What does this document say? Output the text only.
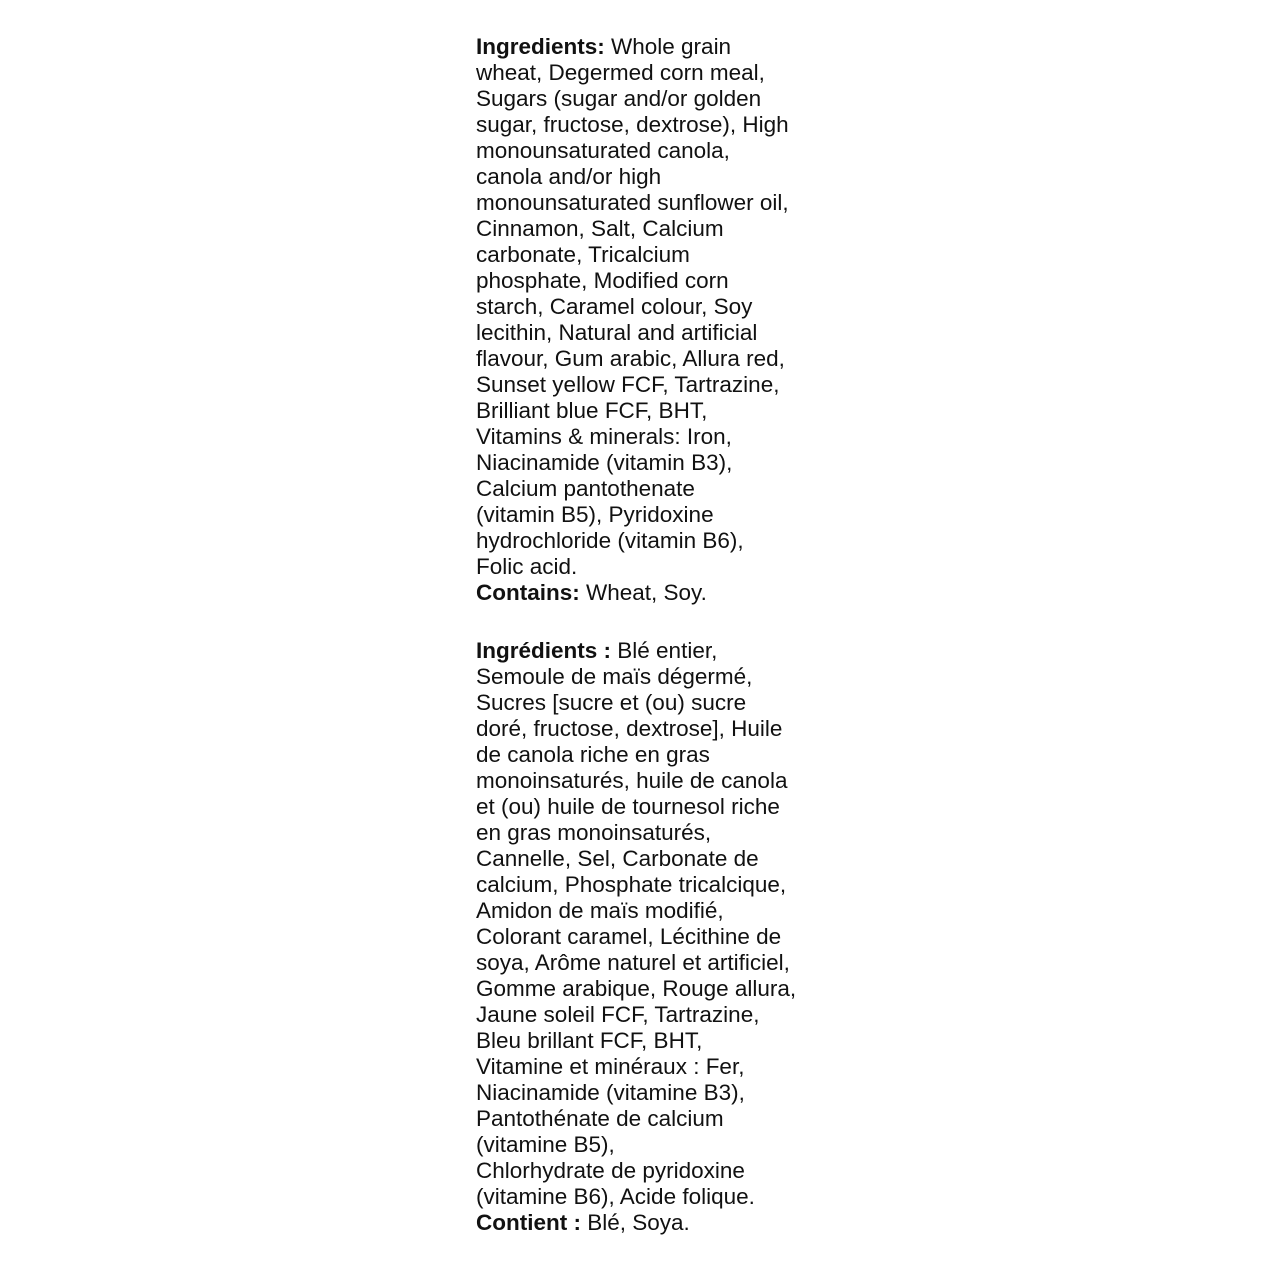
Ingredients: Whole grain
wheat, Degermed corn meal,
Sugars (sugar and/or golden
sugar, fructose, dextrose), High
monounsaturated canola,
canola and/or high
monounsaturated sunflower oil,
Cinnamon, Salt, Calcium
carbonate, Tricalcium
phosphate, Modified corn
starch, Caramel colour, Soy
lecithin, Natural and artificial
flavour, Gum arabic, Allura red,
Sunset yellow FCF, Tartrazine,
Brilliant blue FCF, BHT,
Vitamins & minerals: Iron,
Niacinamide (vitamin B3),
Calcium pantothenate
(vitamin B5), Pyridoxine
hydrochloride (vitamin B6),
Folic acid.
Contains: Wheat, Soy.
Ingrédients : Blé entier,
Semoule de maïs dégermé,
Sucres [sucre et (ou) sucre
doré, fructose, dextrose], Huile
de canola riche en gras
monoinsaturés, huile de canola
et (ou) huile de tournesol riche
en gras monoinsaturés,
Cannelle, Sel, Carbonate de
calcium, Phosphate tricalcique,
Amidon de maïs modifié,
Colorant caramel, Lécithine de
soya, Arôme naturel et artificiel,
Gomme arabique, Rouge allura,
Jaune soleil FCF, Tartrazine,
Bleu brillant FCF, BHT,
Vitamine et minéraux : Fer,
Niacinamide (vitamine B3),
Pantothénate de calcium
(vitamine B5),
Chlorhydrate de pyridoxine
(vitamine B6), Acide folique.
Contient : Blé, Soya.
